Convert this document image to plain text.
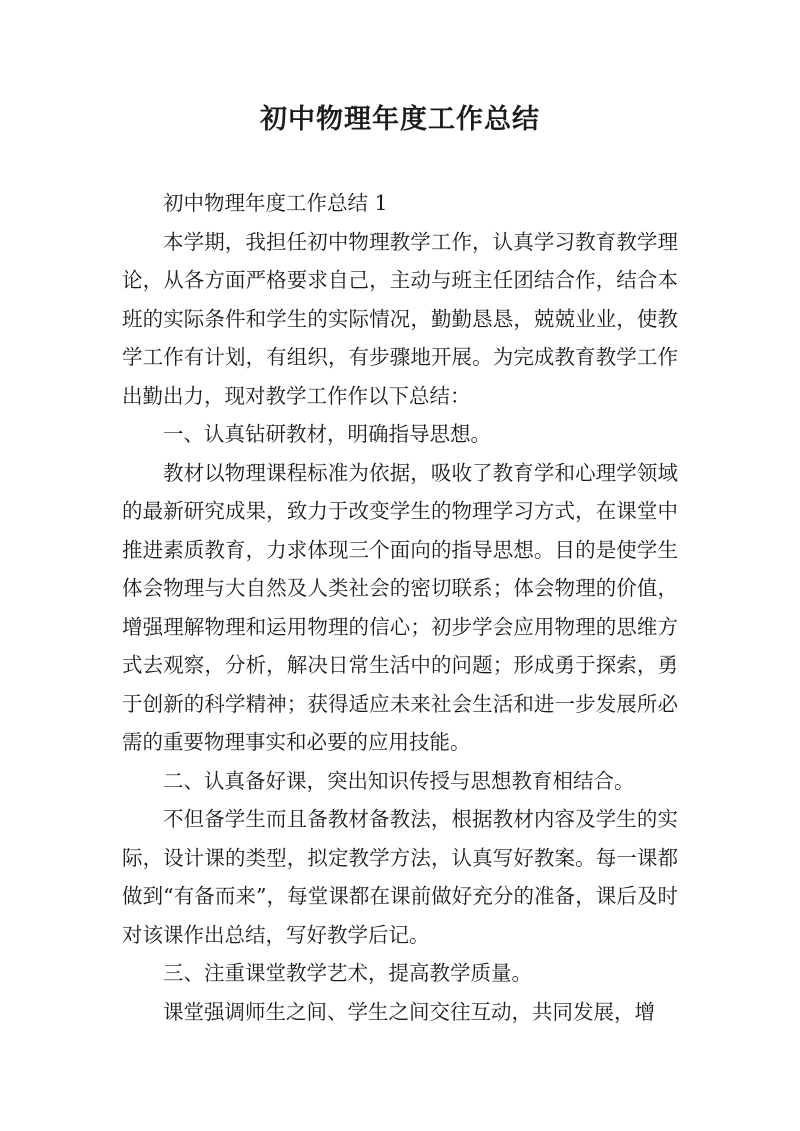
初中物理年度工作总结

初中物理年度工作总结 1

本学期，我担任初中物理教学工作，认真学习教育教学理论，从各方面严格要求自己，主动与班主任团结合作，结合本班的实际条件和学生的实际情况，勤勤恳恳，兢兢业业，使教学工作有计划，有组织，有步骤地开展。为完成教育教学工作出勤出力，现对教学工作作以下总结：

一、认真钻研教材，明确指导思想。

教材以物理课程标准为依据，吸收了教育学和心理学领域的最新研究成果，致力于改变学生的物理学习方式，在课堂中推进素质教育，力求体现三个面向的指导思想。目的是使学生体会物理与大自然及人类社会的密切联系；体会物理的价值，增强理解物理和运用物理的信心；初步学会应用物理的思维方式去观察，分析，解决日常生活中的问题；形成勇于探索，勇于创新的科学精神；获得适应未来社会生活和进一步发展所必需的重要物理事实和必要的应用技能。

二、认真备好课，突出知识传授与思想教育相结合。

不但备学生而且备教材备教法，根据教材内容及学生的实际，设计课的类型，拟定教学方法，认真写好教案。每一课都做到“有备而来”，每堂课都在课前做好充分的准备，课后及时对该课作出总结，写好教学后记。

三、注重课堂教学艺术，提高教学质量。

课堂强调师生之间、学生之间交往互动，共同发展，增
